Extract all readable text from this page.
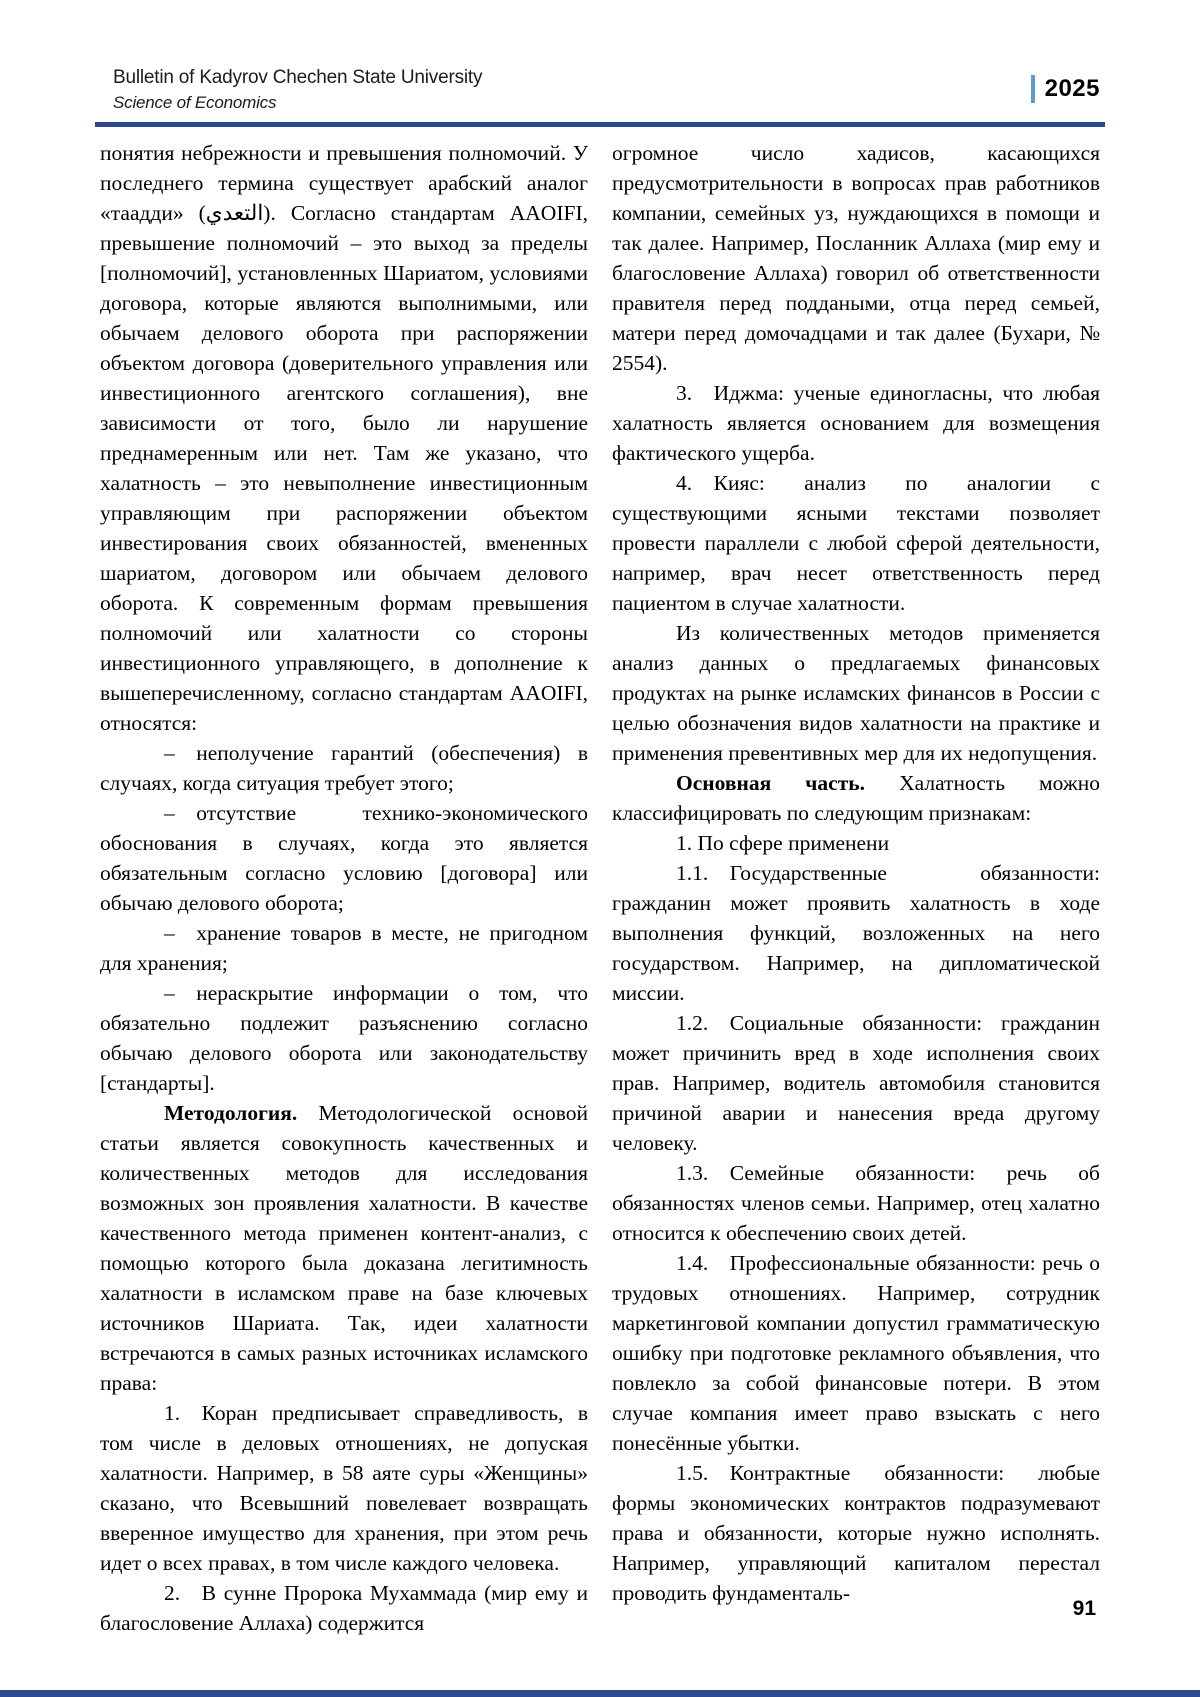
Bulletin of Kadyrov Chechen State University
Science of Economics	2025

понятия небрежности и превышения полномочий. У последнего термина существует арабский аналог «таадди» (التعدي). Согласно стандартам AAOIFI, превышение полномочий – это выход за пределы [полномочий], установленных Шариатом, условиями договора, которые являются выполнимыми, или обычаем делового оборота при распоряжении объектом договора (доверительного управления или инвестиционного агентского соглашения), вне зависимости от того, было ли нарушение преднамеренным или нет. Там же указано, что халатность – это невыполнение инвестиционным управляющим при распоряжении объектом инвестирования своих обязанностей, вмененных шариатом, договором или обычаем делового оборота. К современным формам превышения полномочий или халатности со стороны инвестиционного управляющего, в дополнение к вышеперечисленному, согласно стандартам AAOIFI, относятся:

– неполучение гарантий (обеспечения) в случаях, когда ситуация требует этого;

– отсутствие технико-экономического обоснования в случаях, когда это является обязательным согласно условию [договора] или обычаю делового оборота;

– хранение товаров в месте, не пригодном для хранения;

– нераскрытие информации о том, что обязательно подлежит разъяснению согласно обычаю делового оборота или законодательству [стандарты].

Методология. Методологической основой статьи является совокупность качественных и количественных методов для исследования возможных зон проявления халатности. В качестве качественного метода применен контент-анализ, с помощью которого была доказана легитимность халатности в исламском праве на базе ключевых источников Шариата. Так, идеи халатности встречаются в самых разных источниках исламского права:

1. Коран предписывает справедливость, в том числе в деловых отношениях, не допуская халатности. Например, в 58 аяте суры «Женщины» сказано, что Всевышний повелевает возвращать вверенное имущество для хранения, при этом речь идет о всех правах, в том числе каждого человека.

2. В сунне Пророка Мухаммада (мир ему и благословение Аллаха) содержится

огромное число хадисов, касающихся предусмотрительности в вопросах прав работников компании, семейных уз, нуждающихся в помощи и так далее. Например, Посланник Аллаха (мир ему и благословение Аллаха) говорил об ответственности правителя перед поддаными, отца перед семьей, матери перед домочадцами и так далее (Бухари, № 2554).

3. Иджма: ученые единогласны, что любая халатность является основанием для возмещения фактического ущерба.

4. Кияс: анализ по аналогии с существующими ясными текстами позволяет провести параллели с любой сферой деятельности, например, врач несет ответственность перед пациентом в случае халатности.

Из количественных методов применяется анализ данных о предлагаемых финансовых продуктах на рынке исламских финансов в России с целью обозначения видов халатности на практике и применения превентивных мер для их недопущения.

Основная часть. Халатность можно классифицировать по следующим признакам:

1. По сфере применени

1.1. Государственные обязанности: гражданин может проявить халатность в ходе выполнения функций, возложенных на него государством. Например, на дипломатической миссии.

1.2. Социальные обязанности: гражданин может причинить вред в ходе исполнения своих прав. Например, водитель автомобиля становится причиной аварии и нанесения вреда другому человеку.

1.3. Семейные обязанности: речь об обязанностях членов семьи. Например, отец халатно относится к обеспечению своих детей.

1.4. Профессиональные обязанности: речь о трудовых отношениях. Например, сотрудник маркетинговой компании допустил грамматическую ошибку при подготовке рекламного объявления, что повлекло за собой финансовые потери. В этом случае компания имеет право взыскать с него понесённые убытки.

1.5. Контрактные обязанности: любые формы экономических контрактов подразумевают права и обязанности, которые нужно исполнять. Например, управляющий капиталом перестал проводить фундаменталь-

91
